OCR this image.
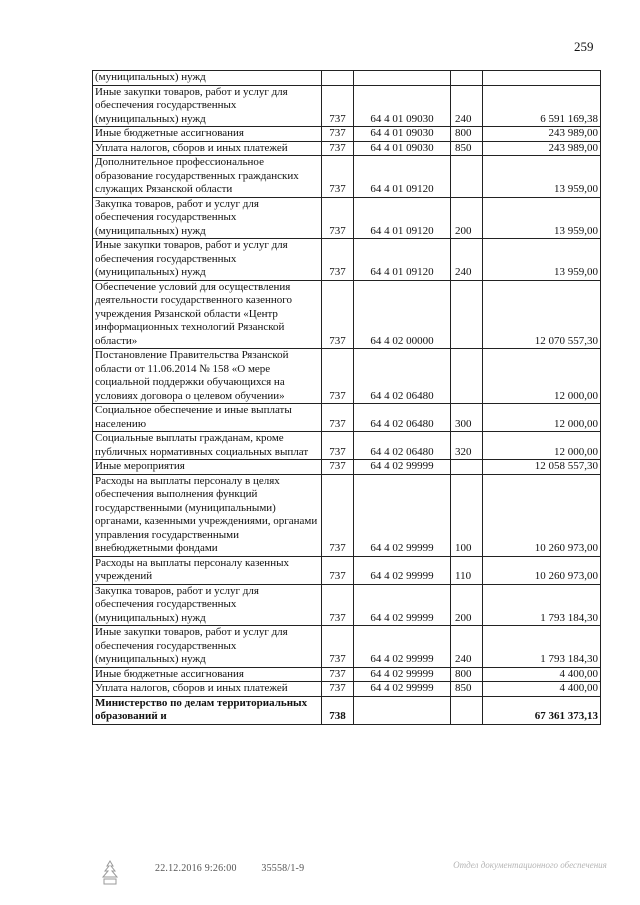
259
(муниципальных) нужд				
Иные закупки товаров, работ и услуг для обеспечения государственных (муниципальных) нужд	737	64 4 01 09030	240	6 591 169,38
Иные бюджетные ассигнования	737	64 4 01 09030	800	243 989,00
Уплата налогов, сборов и иных платежей	737	64 4 01 09030	850	243 989,00
Дополнительное профессиональное образование государственных гражданских служащих Рязанской области	737	64 4 01 09120		13 959,00
Закупка товаров, работ и услуг для обеспечения государственных (муниципальных) нужд	737	64 4 01 09120	200	13 959,00
Иные закупки товаров, работ и услуг для обеспечения государственных (муниципальных) нужд	737	64 4 01 09120	240	13 959,00
Обеспечение условий для осуществления деятельности государственного казенного учреждения Рязанской области «Центр информационных технологий Рязанской области»	737	64 4 02 00000		12 070 557,30
Постановление Правительства Рязанской области от 11.06.2014 № 158 «О мере социальной поддержки обучающихся на условиях договора о целевом обучении»	737	64 4 02 06480		12 000,00
Социальное обеспечение и иные выплаты населению	737	64 4 02 06480	300	12 000,00
Социальные выплаты гражданам, кроме публичных нормативных социальных выплат	737	64 4 02 06480	320	12 000,00
Иные мероприятия	737	64 4 02 99999		12 058 557,30
Расходы на выплаты персоналу в целях обеспечения выполнения функций государственными (муниципальными) органами, казенными учреждениями, органами управления государственными внебюджетными фондами	737	64 4 02 99999	100	10 260 973,00
Расходы на выплаты персоналу казенных учреждений	737	64 4 02 99999	110	10 260 973,00
Закупка товаров, работ и услуг для обеспечения государственных (муниципальных) нужд	737	64 4 02 99999	200	1 793 184,30
Иные закупки товаров, работ и услуг для обеспечения государственных (муниципальных) нужд	737	64 4 02 99999	240	1 793 184,30
Иные бюджетные ассигнования	737	64 4 02 99999	800	4 400,00
Уплата налогов, сборов и иных платежей	737	64 4 02 99999	850	4 400,00
Министерство по делам территориальных образований и	738			67 361 373,13
22.12.2016 9:26:00 35558/1-9	Отдел документационного обеспечения
